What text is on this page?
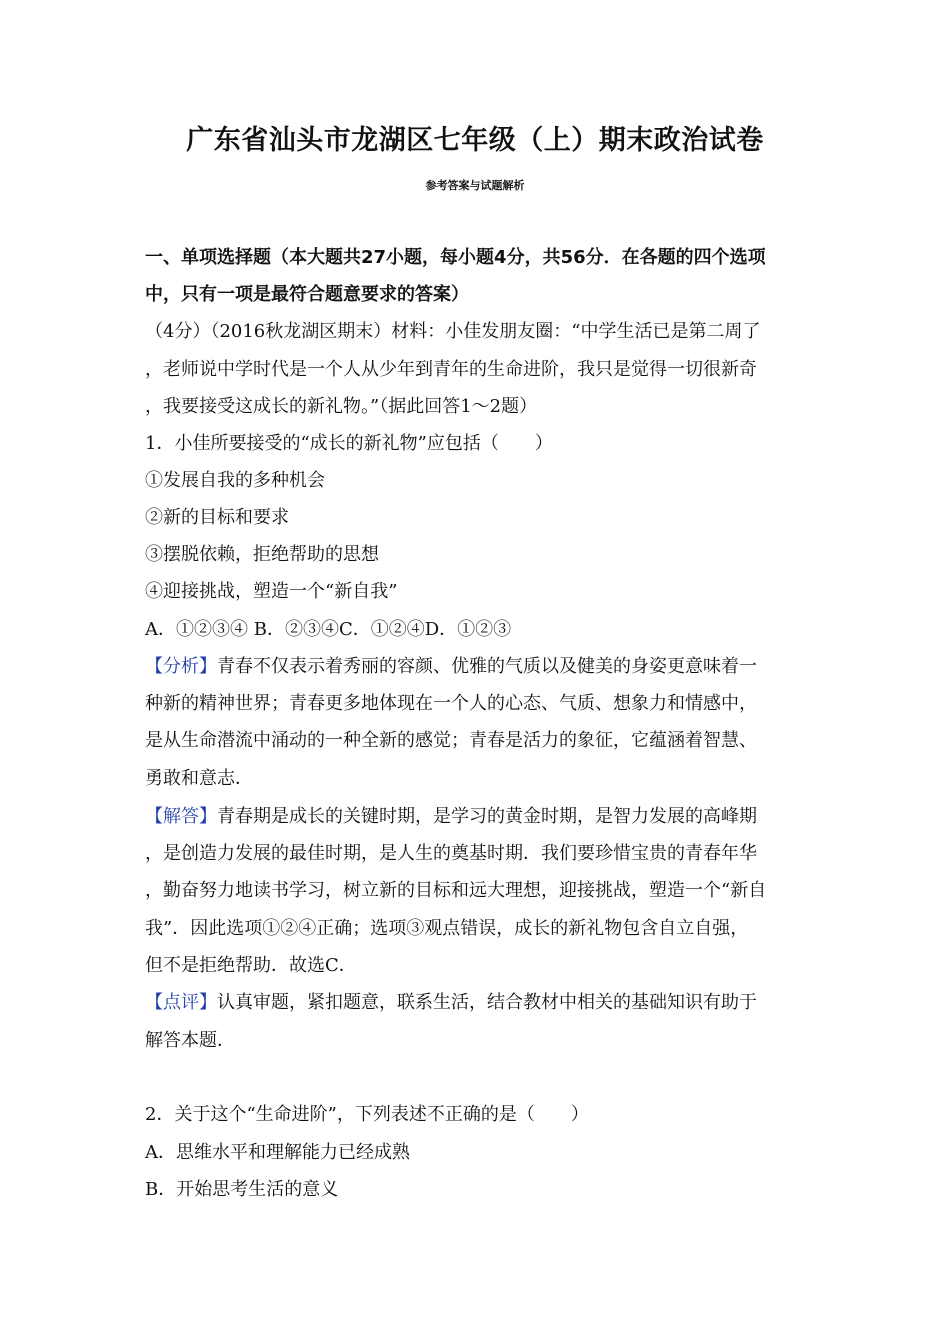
广东省汕头市龙湖区七年级（上）期末政治试卷
参考答案与试题解析
一、单项选择题（本大题共27小题，每小题4分，共56分．在各题的四个选项
中，只有一项是最符合题意要求的答案）
（4分）（2016秋龙湖区期末）材料：小佳发朋友圈：“中学生活已是第二周了
，老师说中学时代是一个人从少年到青年的生命进阶，我只是觉得一切很新奇
，我要接受这成长的新礼物。”（据此回答1～2题）
1．小佳所要接受的“成长的新礼物”应包括（　　）
①发展自我的多种机会
②新的目标和要求
③摆脱依赖，拒绝帮助的思想
④迎接挑战，塑造一个“新自我”
A．①②③④ B．②③④C．①②④D．①②③
【分析】青春不仅表示着秀丽的容颜、优雅的气质以及健美的身姿更意味着一
种新的精神世界；青春更多地体现在一个人的心态、气质、想象力和情感中，
是从生命潜流中涌动的一种全新的感觉；青春是活力的象征，它蕴涵着智慧、
勇敢和意志．
【解答】青春期是成长的关键时期，是学习的黄金时期，是智力发展的高峰期
，是创造力发展的最佳时期，是人生的奠基时期．我们要珍惜宝贵的青春年华
，勤奋努力地读书学习，树立新的目标和远大理想，迎接挑战，塑造一个“新自
我”．因此选项①②④正确；选项③观点错误，成长的新礼物包含自立自强，
但不是拒绝帮助．故选C．
【点评】认真审题，紧扣题意，联系生活，结合教材中相关的基础知识有助于
解答本题．
2．关于这个“生命进阶”，下列表述不正确的是（　　）
A．思维水平和理解能力已经成熟
B．开始思考生活的意义
